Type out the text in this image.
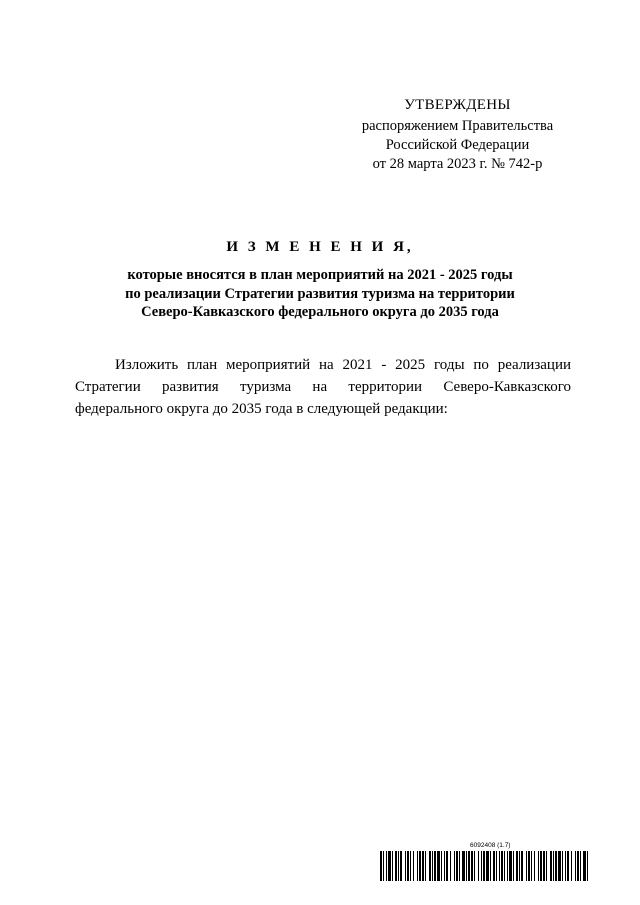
УТВЕРЖДЕНЫ
распоряжением Правительства
Российской Федерации
от 28 марта 2023 г. № 742-р
И З М Е Н Е Н И Я,
которые вносятся в план мероприятий на 2021 - 2025 годы
по реализации Стратегии развития туризма на территории
Северо-Кавказского федерального округа до 2035 года

Изложить план мероприятий на 2021 - 2025 годы по реализации Стратегии развития туризма на территории Северо-Кавказского федерального округа до 2035 года в следующей редакции:

6092408 (1.7)
